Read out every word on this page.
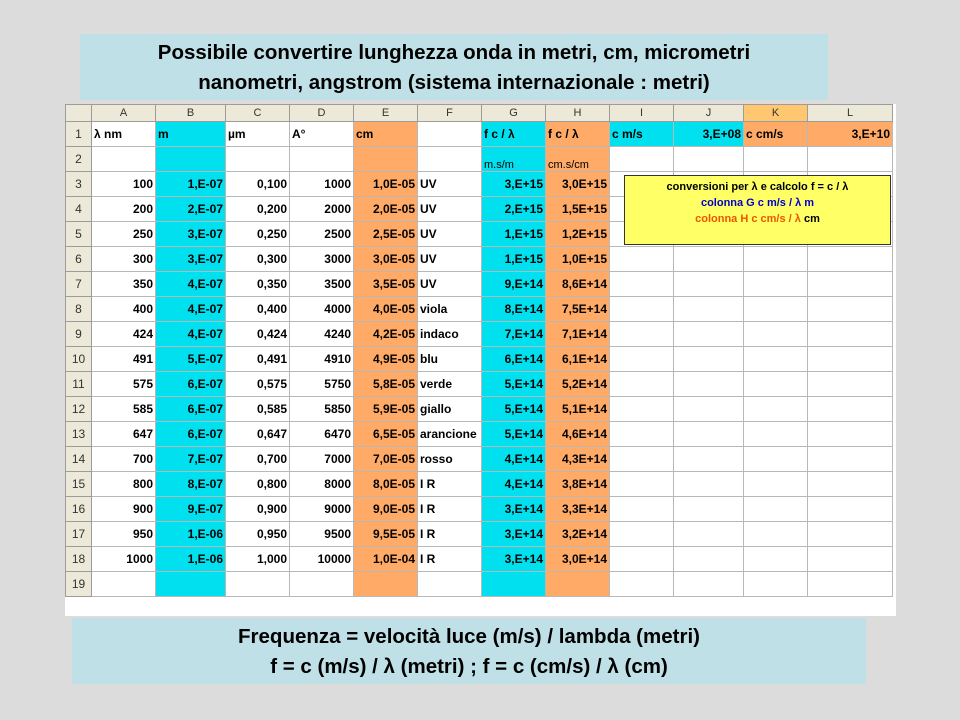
Possibile convertire lunghezza onda in metri, cm, micrometri
nanometri, angstrom (sistema internazionale : metri)
	A	B	C	D	E	F	G	H	I	J	K	L
1	λ nm	m	µm	A°	cm		f c / λ	f c / λ	c m/s	3,E+08	c cm/s	3,E+10
2							m.s/m	cm.s/cm				
3	100	1,E-07	0,100	1000	1,0E-05	UV	3,E+15	3,0E+15				
4	200	2,E-07	0,200	2000	2,0E-05	UV	2,E+15	1,5E+15				
5	250	3,E-07	0,250	2500	2,5E-05	UV	1,E+15	1,2E+15				
6	300	3,E-07	0,300	3000	3,0E-05	UV	1,E+15	1,0E+15				
7	350	4,E-07	0,350	3500	3,5E-05	UV	9,E+14	8,6E+14				
8	400	4,E-07	0,400	4000	4,0E-05	viola	8,E+14	7,5E+14				
9	424	4,E-07	0,424	4240	4,2E-05	indaco	7,E+14	7,1E+14				
10	491	5,E-07	0,491	4910	4,9E-05	blu	6,E+14	6,1E+14				
11	575	6,E-07	0,575	5750	5,8E-05	verde	5,E+14	5,2E+14				
12	585	6,E-07	0,585	5850	5,9E-05	giallo	5,E+14	5,1E+14				
13	647	6,E-07	0,647	6470	6,5E-05	arancione	5,E+14	4,6E+14				
14	700	7,E-07	0,700	7000	7,0E-05	rosso	4,E+14	4,3E+14				
15	800	8,E-07	0,800	8000	8,0E-05	I R	4,E+14	3,8E+14				
16	900	9,E-07	0,900	9000	9,0E-05	I R	3,E+14	3,3E+14				
17	950	1,E-06	0,950	9500	9,5E-05	I R	3,E+14	3,2E+14				
18	1000	1,E-06	1,000	10000	1,0E-04	I R	3,E+14	3,0E+14				
19												
conversioni per λ e calcolo f = c / λ
colonna G c m/s / λ m
colonna H c cm/s / λ cm
Frequenza = velocità luce (m/s) / lambda (metri)
f = c (m/s) / λ (metri) ; f = c (cm/s) / λ (cm)
